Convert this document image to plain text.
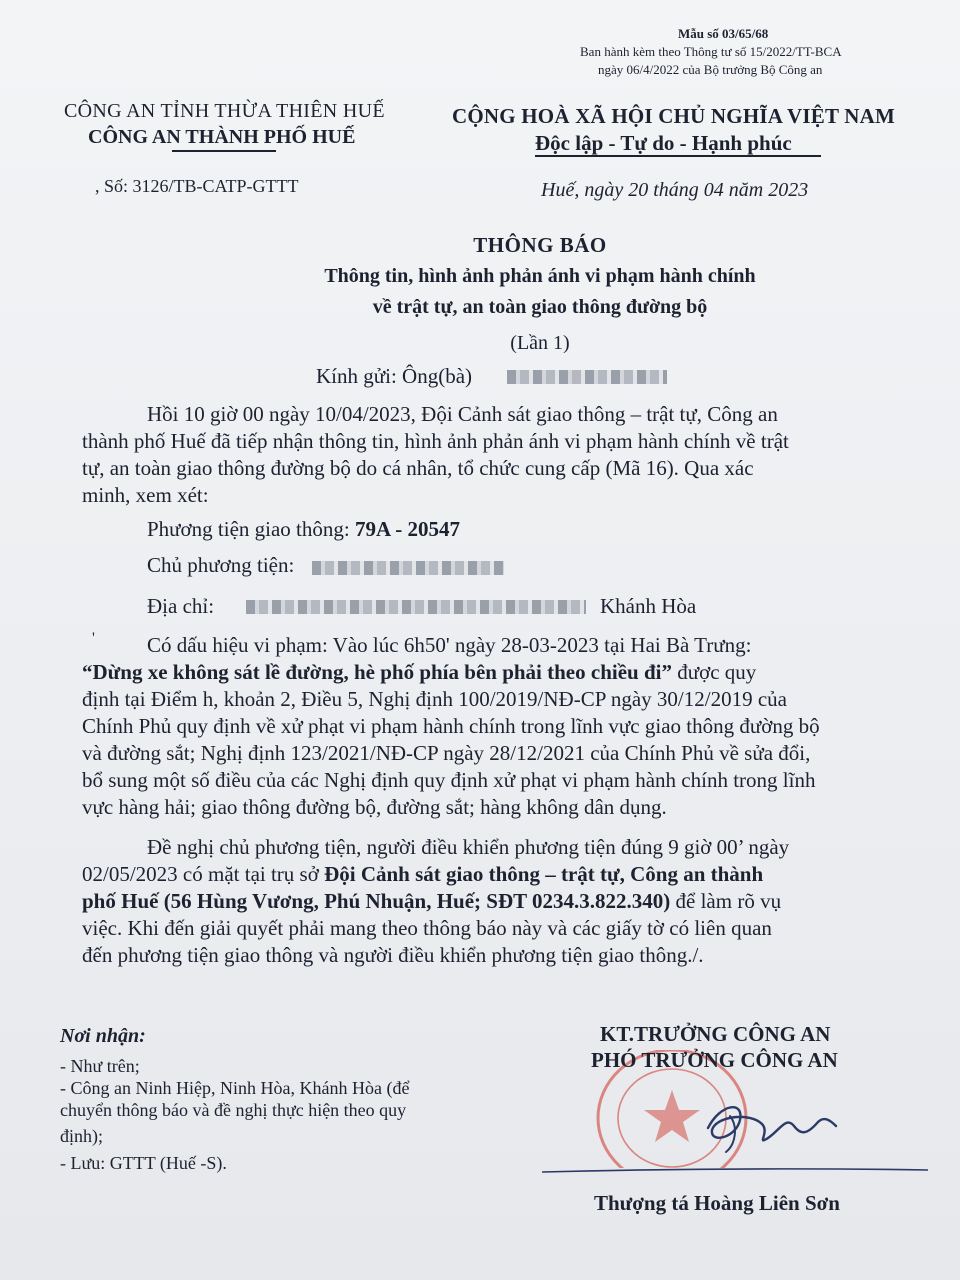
Mẫu số 03/65/68
Ban hành kèm theo Thông tư số 15/2022/TT-BCA
ngày 06/4/2022 của Bộ trưởng Bộ Công an
CÔNG AN TỈNH THỪA THIÊN HUẾ
CÔNG AN THÀNH PHỐ HUẾ
CỘNG HOÀ XÃ HỘI CHỦ NGHĨA VIỆT NAM
Độc lập - Tự do - Hạnh phúc
, Số: 3126/TB-CATP-GTTT	Huế, ngày 20 tháng 04 năm 2023
THÔNG BÁO
Thông tin, hình ảnh phản ánh vi phạm hành chính
về trật tự, an toàn giao thông đường bộ
(Lần 1)
Kính gửi: Ông(bà)
Hồi 10 giờ 00 ngày 10/04/2023, Đội Cảnh sát giao thông – trật tự, Công an
thành phố Huế đã tiếp nhận thông tin, hình ảnh phản ánh vi phạm hành chính về trật
tự, an toàn giao thông đường bộ do cá nhân, tổ chức cung cấp (Mã 16). Qua xác
minh, xem xét:
Phương tiện giao thông: 79A - 20547
Chủ phương tiện:
Địa chỉ:	Khánh Hòa
' Có dấu hiệu vi phạm: Vào lúc 6h50' ngày 28-03-2023 tại Hai Bà Trưng:
“Dừng xe không sát lề đường, hè phố phía bên phải theo chiều đi” được quy
định tại Điểm h, khoản 2, Điều 5, Nghị định 100/2019/NĐ-CP ngày 30/12/2019 của
Chính Phủ quy định về xử phạt vi phạm hành chính trong lĩnh vực giao thông đường bộ
và đường sắt; Nghị định 123/2021/NĐ-CP ngày 28/12/2021 của Chính Phủ về sửa đổi,
bổ sung một số điều của các Nghị định quy định xử phạt vi phạm hành chính trong lĩnh
vực hàng hải; giao thông đường bộ, đường sắt; hàng không dân dụng.
Đề nghị chủ phương tiện, người điều khiển phương tiện đúng 9 giờ 00’ ngày
02/05/2023 có mặt tại trụ sở Đội Cảnh sát giao thông – trật tự, Công an thành
phố Huế (56 Hùng Vương, Phú Nhuận, Huế; SĐT 0234.3.822.340) để làm rõ vụ
việc. Khi đến giải quyết phải mang theo thông báo này và các giấy tờ có liên quan
đến phương tiện giao thông và người điều khiển phương tiện giao thông./.
Nơi nhận:
- Như trên;
- Công an Ninh Hiệp, Ninh Hòa, Khánh Hòa (để
chuyển thông báo và đề nghị thực hiện theo quy
định);
- Lưu: GTTT (Huế -S).
KT.TRƯỞNG CÔNG AN
PHÓ TRƯỞNG CÔNG AN
Thượng tá Hoàng Liên Sơn
